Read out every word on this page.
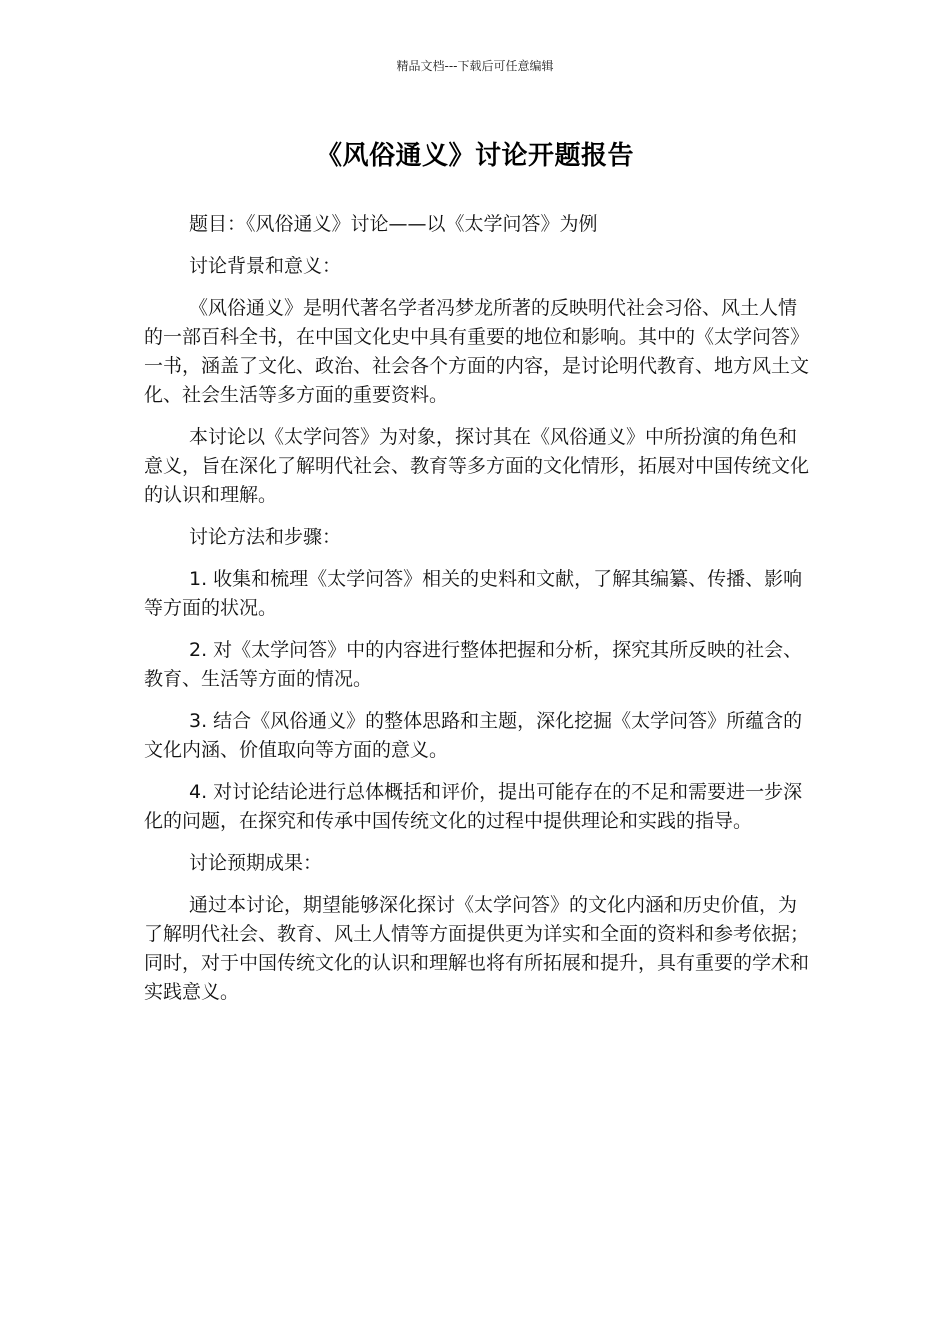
精品文档---下载后可任意编辑
《风俗通义》讨论开题报告

题目：《风俗通义》讨论——以《太学问答》为例

讨论背景和意义：

《风俗通义》是明代著名学者冯梦龙所著的反映明代社会习俗、风土人情的一部百科全书，在中国文化史中具有重要的地位和影响。其中的《太学问答》一书，涵盖了文化、政治、社会各个方面的内容，是讨论明代教育、地方风土文化、社会生活等多方面的重要资料。

本讨论以《太学问答》为对象，探讨其在《风俗通义》中所扮演的角色和意义，旨在深化了解明代社会、教育等多方面的文化情形，拓展对中国传统文化的认识和理解。

讨论方法和步骤：

1. 收集和梳理《太学问答》相关的史料和文献，了解其编纂、传播、影响等方面的状况。

2. 对《太学问答》中的内容进行整体把握和分析，探究其所反映的社会、教育、生活等方面的情况。

3. 结合《风俗通义》的整体思路和主题，深化挖掘《太学问答》所蕴含的文化内涵、价值取向等方面的意义。

4. 对讨论结论进行总体概括和评价，提出可能存在的不足和需要进一步深化的问题，在探究和传承中国传统文化的过程中提供理论和实践的指导。

讨论预期成果：

通过本讨论，期望能够深化探讨《太学问答》的文化内涵和历史价值，为了解明代社会、教育、风土人情等方面提供更为详实和全面的资料和参考依据；同时，对于中国传统文化的认识和理解也将有所拓展和提升，具有重要的学术和实践意义。
